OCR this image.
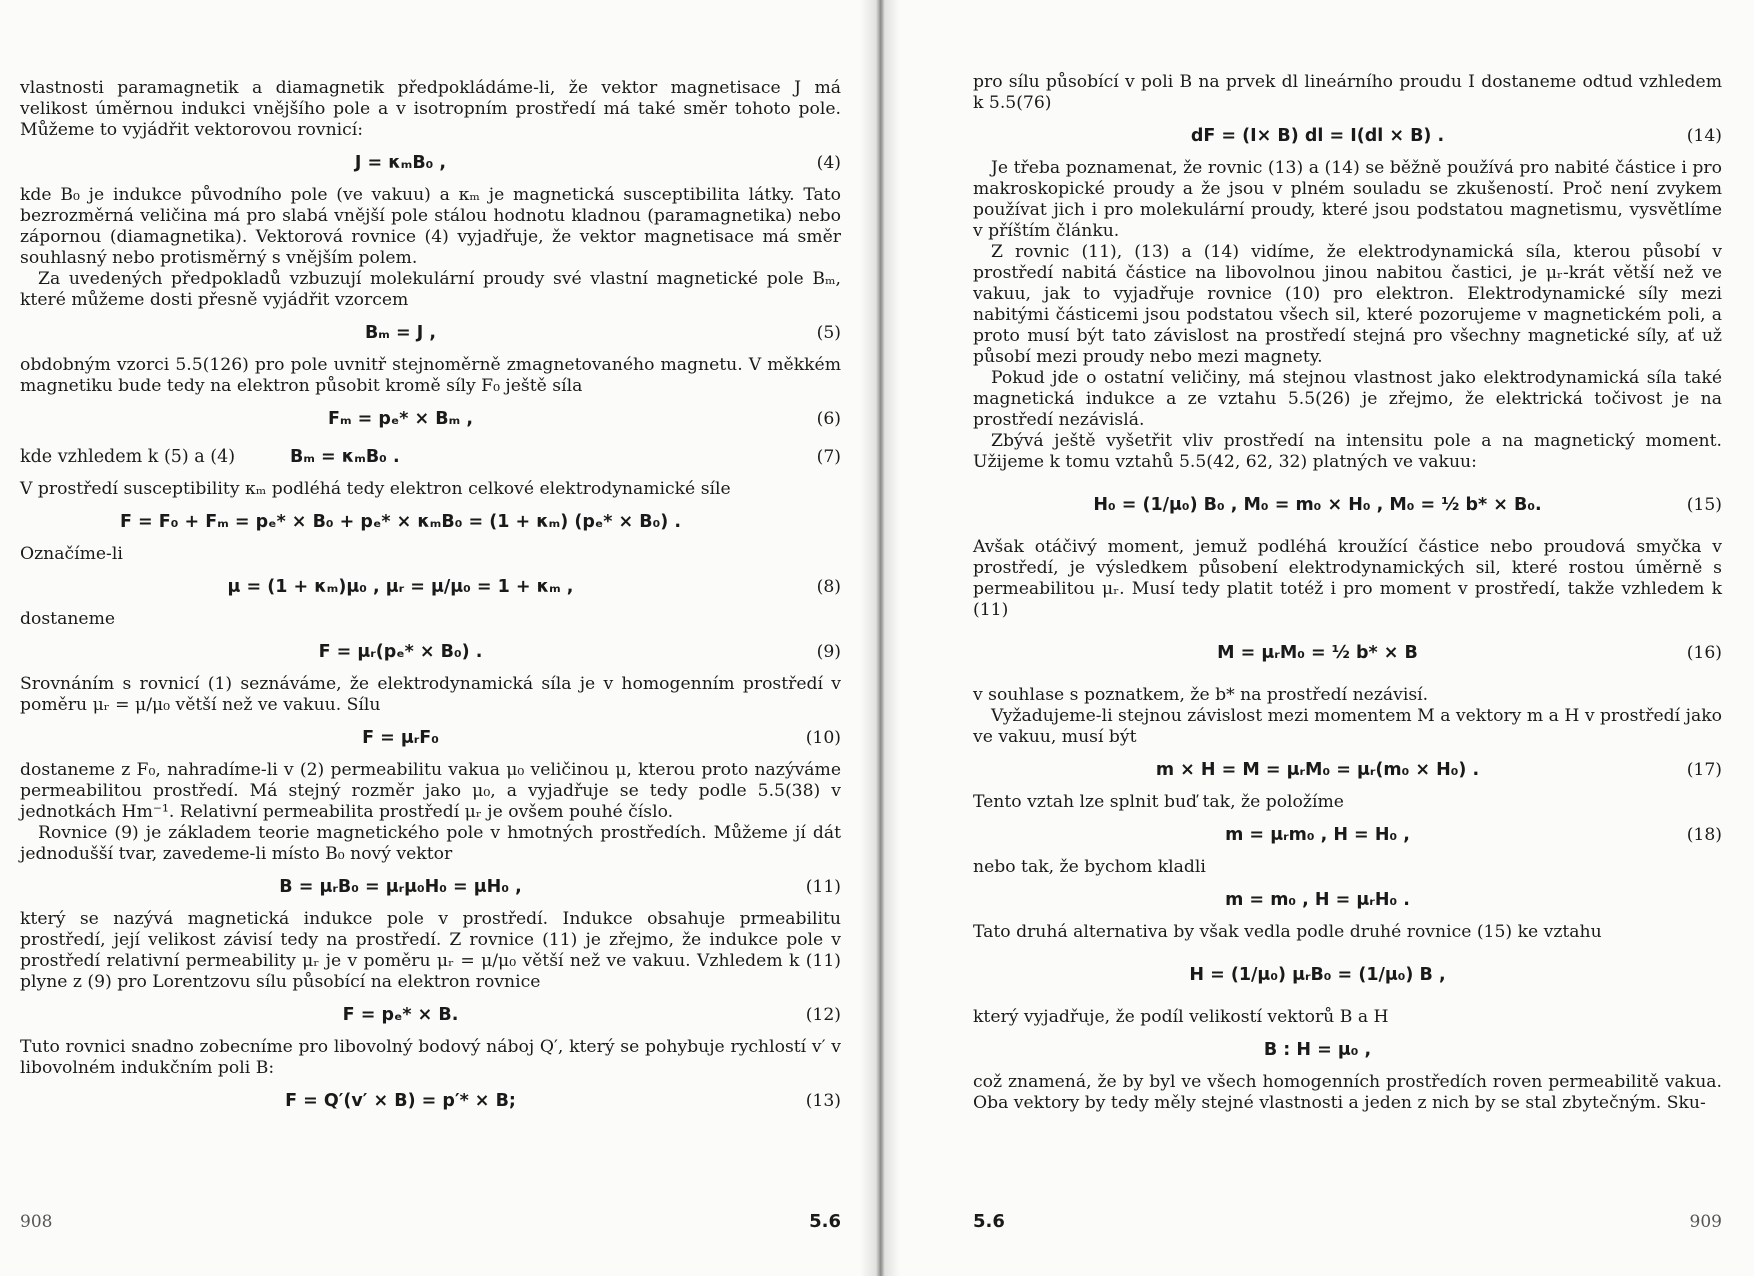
vlastnosti paramagnetik a diamagnetik předpokládáme-li, že vektor magnetisace J má velikost úměrnou indukci vnějšího pole a v isotropním prostředí má také směr tohoto pole. Můžeme to vyjádřit vektorovou rovnicí:

J = κₘB₀ ,	(4)

kde B₀ je indukce původního pole (ve vakuu) a κₘ je magnetická susceptibilita látky. Tato bezrozměrná veličina má pro slabá vnější pole stálou hodnotu kladnou (paramagnetika) nebo zápornou (diamagnetika). Vektorová rovnice (4) vyjadřuje, že vektor magnetisace má směr souhlasný nebo protisměrný s vnějším polem.

Za uvedených předpokladů vzbuzují molekulární proudy své vlastní magnetické pole Bₘ, které můžeme dosti přesně vyjádřit vzorcem

Bₘ = J ,	(5)

obdobným vzorci 5.5(126) pro pole uvnitř stejnoměrně zmagnetovaného magnetu. V měkkém magnetiku bude tedy na elektron působit kromě síly F₀ ještě síla

Fₘ = pₑ* × Bₘ ,	(6)
kde vzhledem k (5) a (4)	Bₘ = κₘB₀ .	(7)

V prostředí susceptibility κₘ podléhá tedy elektron celkové elektrodynamické síle

F = F₀ + Fₘ = pₑ* × B₀ + pₑ* × κₘB₀ = (1 + κₘ) (pₑ* × B₀) .

Označíme-li

μ = (1 + κₘ)μ₀ , μᵣ = μ/μ₀ = 1 + κₘ ,	(8)

dostaneme

F = μᵣ(pₑ* × B₀) .	(9)

Srovnáním s rovnicí (1) seznáváme, že elektrodynamická síla je v homogenním prostředí v poměru μᵣ = μ/μ₀ větší než ve vakuu. Sílu

F = μᵣF₀	(10)

dostaneme z F₀, nahradíme-li v (2) permeabilitu vakua μ₀ veličinou μ, kterou proto nazýváme permeabilitou prostředí. Má stejný rozměr jako μ₀, a vyjadřuje se tedy podle 5.5(38) v jednotkách Hm⁻¹. Relativní permeabilita prostředí μᵣ je ovšem pouhé číslo.

Rovnice (9) je základem teorie magnetického pole v hmotných prostředích. Můžeme jí dát jednodušší tvar, zavedeme-li místo B₀ nový vektor

B = μᵣB₀ = μᵣμ₀H₀ = μH₀ ,	(11)

který se nazývá magnetická indukce pole v prostředí. Indukce obsahuje prmeabilitu prostředí, její velikost závisí tedy na prostředí. Z rovnice (11) je zřejmo, že indukce pole v prostředí relativní permeability μᵣ je v poměru μᵣ = μ/μ₀ větší než ve vakuu. Vzhledem k (11) plyne z (9) pro Lorentzovu sílu působící na elektron rovnice

F = pₑ* × B.	(12)

Tuto rovnici snadno zobecníme pro libovolný bodový náboj Q′, který se pohybuje rychlostí v′ v libovolném indukčním poli B:

F = Q′(v′ × B) = p′* × B;	(13)
908	5.6

pro sílu působící v poli B na prvek dl lineárního proudu I dostaneme odtud vzhledem k 5.5(76)

dF = (I× B) dl = I(dl × B) .	(14)

Je třeba poznamenat, že rovnic (13) a (14) se běžně používá pro nabité částice i pro makroskopické proudy a že jsou v plném souladu se zkušeností. Proč není zvykem používat jich i pro molekulární proudy, které jsou podstatou magnetismu, vysvětlíme v příštím článku.

Z rovnic (11), (13) a (14) vidíme, že elektrodynamická síla, kterou působí v prostředí nabitá částice na libovolnou jinou nabitou častici, je μᵣ-krát větší než ve vakuu, jak to vyjadřuje rovnice (10) pro elektron. Elektrodynamické síly mezi nabitými částicemi jsou podstatou všech sil, které pozorujeme v magnetickém poli, a proto musí být tato závislost na prostředí stejná pro všechny magnetické síly, ať už působí mezi proudy nebo mezi magnety.

Pokud jde o ostatní veličiny, má stejnou vlastnost jako elektrodynamická síla také magnetická indukce a ze vztahu 5.5(26) je zřejmo, že elektrická točivost je na prostředí nezávislá.

Zbývá ještě vyšetřit vliv prostředí na intensitu pole a na magnetický moment. Užijeme k tomu vztahů 5.5(42, 62, 32) platných ve vakuu:

H₀ = (1/μ₀) B₀ , M₀ = m₀ × H₀ , M₀ = ½ b* × B₀.	(15)

Avšak otáčivý moment, jemuž podléhá kroužící částice nebo proudová smyčka v prostředí, je výsledkem působení elektrodynamických sil, které rostou úměrně s permeabilitou μᵣ. Musí tedy platit totéž i pro moment v prostředí, takže vzhledem k (11)

M = μᵣM₀ = ½ b* × B	(16)

v souhlase s poznatkem, že b* na prostředí nezávisí.

Vyžadujeme-li stejnou závislost mezi momentem M a vektory m a H v prostředí jako ve vakuu, musí být

m × H = M = μᵣM₀ = μᵣ(m₀ × H₀) .	(17)

Tento vztah lze splnit buď tak, že položíme

m = μᵣm₀ , H = H₀ ,	(18)

nebo tak, že bychom kladli

m = m₀ , H = μᵣH₀ .

Tato druhá alternativa by však vedla podle druhé rovnice (15) ke vztahu

H = (1/μ₀) μᵣB₀ = (1/μ₀) B ,

který vyjadřuje, že podíl velikostí vektorů B a H

B : H = μ₀ ,

což znamená, že by byl ve všech homogenních prostředích roven permeabilitě vakua. Oba vektory by tedy měly stejné vlastnosti a jeden z nich by se stal zbytečným. Sku-

5.6	909
